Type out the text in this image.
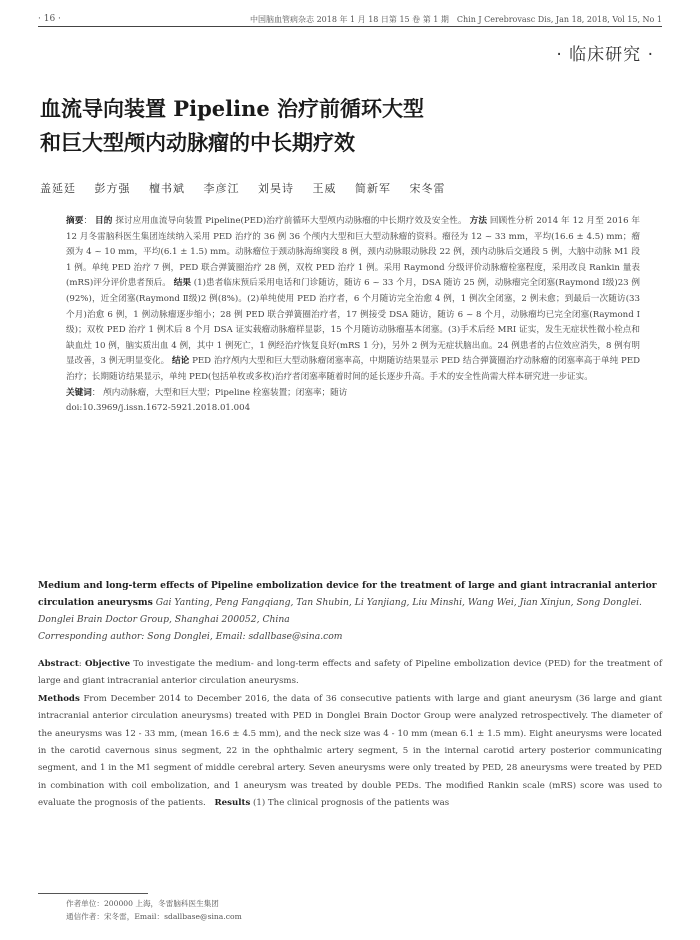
· 16 ·	中国脑血管病杂志 2018 年 1 月 18 日第 15 卷 第 1 期　Chin J Cerebrovasc Dis, Jan 18, 2018, Vol 15, No 1
· 临床研究 ·
血流导向装置 Pipeline 治疗前循环大型
和巨大型颅内动脉瘤的中长期疗效
盖延廷 彭方强 檀书斌 李彦江 刘昊诗 王威 简新军 宋冬雷
摘要： 目的 探讨应用血流导向装置 Pipeline(PED)治疗前循环大型颅内动脉瘤的中长期疗效及安全性。 方法 回顾性分析 2014 年 12 月至 2016 年 12 月冬雷脑科医生集团连续纳入采用 PED 治疗的 36 例 36 个颅内大型和巨大型动脉瘤的资料。瘤径为 12 ~ 33 mm，平均(16.6 ± 4.5) mm；瘤颈为 4 ~ 10 mm，平均(6.1 ± 1.5) mm。动脉瘤位于颈动脉海绵窦段 8 例，颈内动脉眼动脉段 22 例，颈内动脉后交通段 5 例，大脑中动脉 M1 段 1 例。单纯 PED 治疗 7 例，PED 联合弹簧圈治疗 28 例，双枚 PED 治疗 1 例。采用 Raymond 分级评价动脉瘤栓塞程度，采用改良 Rankin 量表(mRS)评分评价患者预后。 结果 (1)患者临床预后采用电话和门诊随访，随访 6 ~ 33 个月，DSA 随访 25 例，动脉瘤完全闭塞(Raymond Ⅰ级)23 例(92%)，近全闭塞(Raymond Ⅱ级)2 例(8%)。(2)单纯使用 PED 治疗者，6 个月随访完全治愈 4 例，1 例次全闭塞，2 例未愈；到最后一次随访(33 个月)治愈 6 例，1 例动脉瘤逐步缩小；28 例 PED 联合弹簧圈治疗者，17 例接受 DSA 随访，随访 6 ~ 8 个月，动脉瘤均已完全闭塞(Raymond Ⅰ级)；双枚 PED 治疗 1 例术后 8 个月 DSA 证实载瘤动脉瘤样显影，15 个月随访动脉瘤基本闭塞。(3)手术后经 MRI 证实，发生无症状性微小栓点和缺血灶 10 例，脑实质出血 4 例，其中 1 例死亡，1 例经治疗恢复良好(mRS 1 分)，另外 2 例为无症状脑出血。24 例患者的占位效应消失，8 例有明显改善，3 例无明显变化。 结论 PED 治疗颅内大型和巨大型动脉瘤闭塞率高，中期随访结果显示 PED 结合弹簧圈治疗动脉瘤的闭塞率高于单纯 PED 治疗；长期随访结果显示，单纯 PED(包括单枚或多枚)治疗者闭塞率随着时间的延长逐步升高。手术的安全性尚需大样本研究进一步证实。
关键词： 颅内动脉瘤，大型和巨大型；Pipeline 栓塞装置；闭塞率；随访
doi:10.3969/j.issn.1672-5921.2018.01.004
Medium and long-term effects of Pipeline embolization device for the treatment of large and giant intracranial anterior circulation aneurysms Gai Yanting, Peng Fangqiang, Tan Shubin, Li Yanjiang, Liu Minshi, Wang Wei, Jian Xinjun, Song Donglei. Donglei Brain Doctor Group, Shanghai 200052, China
Corresponding author: Song Donglei, Email: sdallbase@sina.com
Abstract: Objective To investigate the medium- and long-term effects and safety of Pipeline embolization device (PED) for the treatment of large and giant intracranial anterior circulation aneurysms.
Methods From December 2014 to December 2016, the data of 36 consecutive patients with large and giant aneurysm (36 large and giant intracranial anterior circulation aneurysms) treated with PED in Donglei Brain Doctor Group were analyzed retrospectively. The diameter of the aneurysms was 12 - 33 mm, (mean 16.6 ± 4.5 mm), and the neck size was 4 - 10 mm (mean 6.1 ± 1.5 mm). Eight aneurysms were located in the carotid cavernous sinus segment, 22 in the ophthalmic artery segment, 5 in the internal carotid artery posterior communicating segment, and 1 in the M1 segment of middle cerebral artery. Seven aneurysms were only treated by PED, 28 aneurysms were treated by PED in combination with coil embolization, and 1 aneurysm was treated by double PEDs. The modified Rankin scale (mRS) score was used to evaluate the prognosis of the patients. Results (1) The clinical prognosis of the patients was
作者单位：200000 上海，冬雷脑科医生集团
通信作者：宋冬雷，Email：sdallbase@sina.com
